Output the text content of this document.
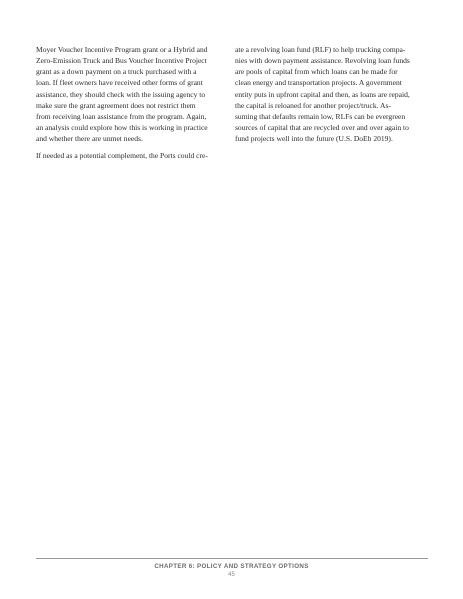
Moyer Voucher Incentive Program grant or a Hybrid and
Zero-Emission Truck and Bus Voucher Incentive Project
grant as a down payment on a truck purchased with a
loan. If fleet owners have received other forms of grant
assistance, they should check with the issuing agency to
make sure the grant agreement does not restrict them
from receiving loan assistance from the program. Again,
an analysis could explore how this is working in practice
and whether there are unmet needs.
If needed as a potential complement, the Ports could cre-
ate a revolving loan fund (RLF) to help trucking compa-
nies with down payment assistance. Revolving loan funds
are pools of capital from which loans can be made for
clean energy and transportation projects. A government
entity puts in upfront capital and then, as loans are repaid,
the capital is reloaned for another project/truck. As-
suming that defaults remain low, RLFs can be evergreen
sources of capital that are recycled over and over again to
fund projects well into the future (U.S. DoEb 2019).
CHAPTER 6: POLICY AND STRATEGY OPTIONS
45
